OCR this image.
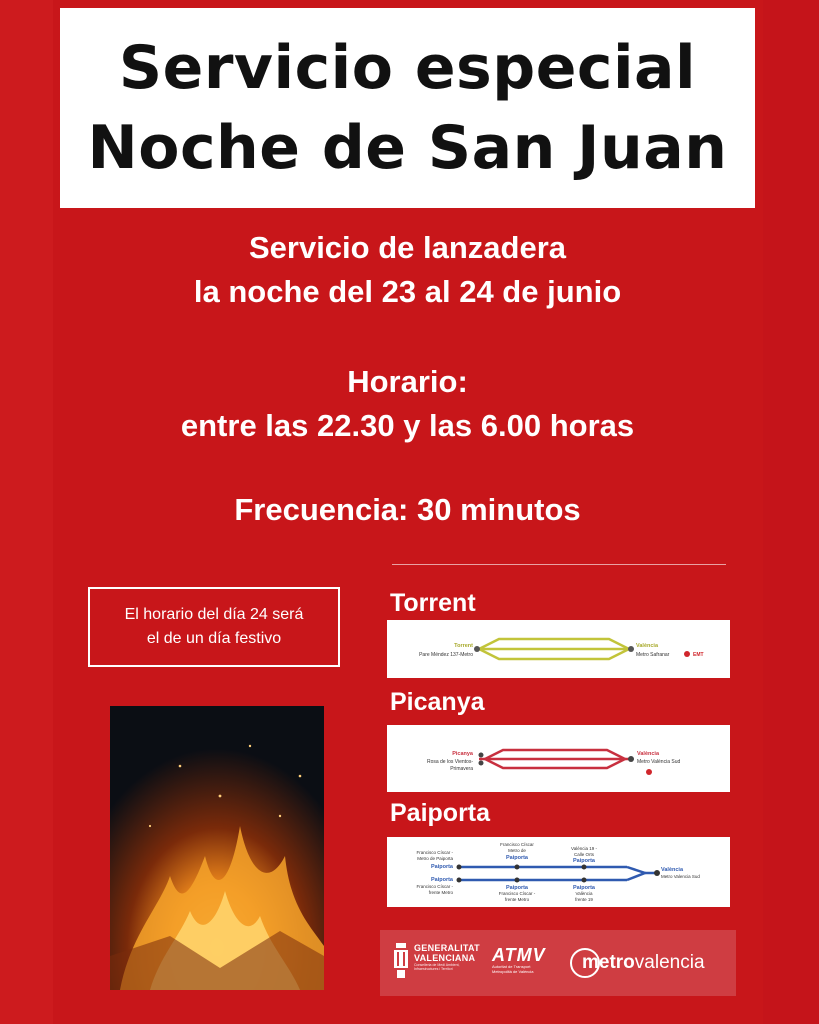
Servicio especial
Noche de San Juan
Servicio de lanzadera
la noche del 23 al 24 de junio
Horario:
entre las 22.30 y las 6.00 horas
Frecuencia: 30 minutos
El horario del día 24 será
el de un día festivo
Torrent
Torrent
Pare Méndez 137-Metro
València
Metro Safranar	EMT
Picanya
Picanya
Rosa de los Vientos-
Primavera
València
Metro València Sud
Paiporta
Francisco Císcar -
Metro de Paiporta
Paiporta
Paiporta
Francisco Císcar -
frente Metro
Francisco Císcar
Metro de
Paiporta
València 19 -
Calle Orts
Paiporta
Paiporta
Francisco Císcar -
frente Metro
Paiporta
València
frente 19
València
Metro Valencia Sud
GENERALITAT
VALENCIANA
Conselleria de Medi Ambient,
Infraestructures i Territori
ATMV
Autoritat de Transport
Metropolità de València	metrovalencia
